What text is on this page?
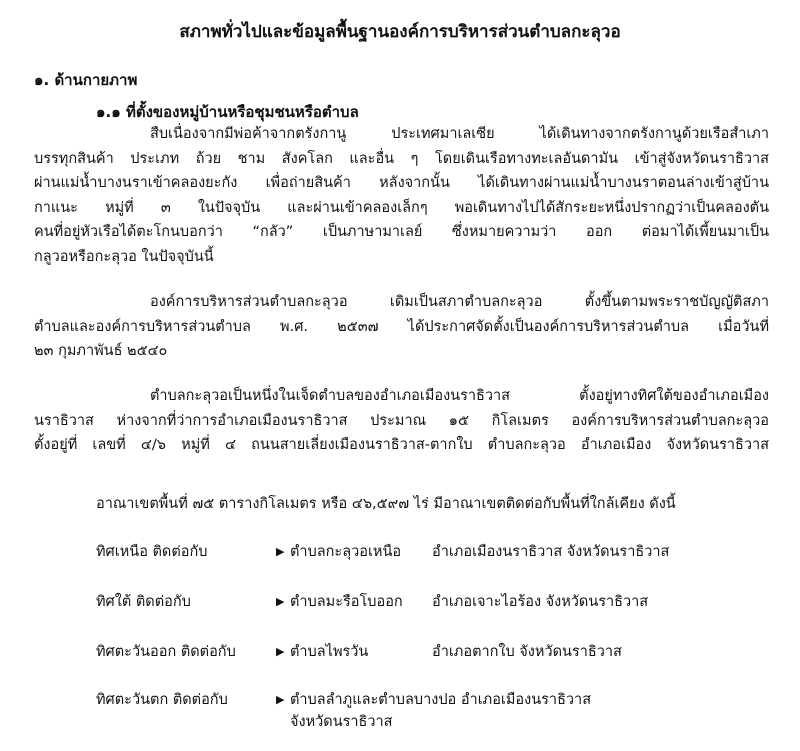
สภาพทั่วไปและข้อมูลพื้นฐานองค์การบริหารส่วนตำบลกะลุวอ
๑. ด้านกายภาพ
๑.๑ ที่ตั้งของหมู่บ้านหรือชุมชนหรือตำบล
สืบเนื่องจากมีพ่อค้าจากตรังกานู ประเทศมาเลเซีย ได้เดินทางจากตรังกานูด้วยเรือสำเภา
บรรทุกสินค้า ประเภท ถ้วย ชาม สังคโลก และอื่น ๆ โดยเดินเรือทางทะเลอันดามัน เข้าสู่จังหวัดนราธิวาส
ผ่านแม่น้ำบางนราเข้าคลองยะกัง เพื่อถ่ายสินค้า หลังจากนั้น ได้เดินทางผ่านแม่น้ำบางนราตอนล่างเข้าสู่บ้าน
กาแนะ หมู่ที่ ๓ ในปัจจุบัน และผ่านเข้าคลองเล็กๆ พอเดินทางไปได้สักระยะหนึ่งปรากฏว่าเป็นคลองตัน
คนที่อยู่หัวเรือได้ตะโกนบอกว่า “กลัว” เป็นภาษามาเลย์ ซึ่งหมายความว่า ออก ต่อมาได้เพี้ยนมาเป็น
กลูวอหรือกะลุวอ ในปัจจุบันนี้
องค์การบริหารส่วนตำบลกะลุวอ เดิมเป็นสภาตำบลกะลุวอ ตั้งขึ้นตามพระราชบัญญัติสภา
ตำบลและองค์การบริหารส่วนตำบล พ.ศ. ๒๕๓๗ ได้ประกาศจัดตั้งเป็นองค์การบริหารส่วนตำบล เมื่อวันที่
๒๓ กุมภาพันธ์ ๒๕๔๐
ตำบลกะลุวอเป็นหนึ่งในเจ็ดตำบลของอำเภอเมืองนราธิวาส ตั้งอยู่ทางทิศใต้ของอำเภอเมือง
นราธิวาส ห่างจากที่ว่าการอำเภอเมืองนราธิวาส ประมาณ ๑๕ กิโลเมตร องค์การบริหารส่วนตำบลกะลุวอ
ตั้งอยู่ที่ เลขที่ ๔/๖ หมู่ที่ ๔ ถนนสายเลี่ยงเมืองนราธิวาส-ตากใบ ตำบลกะลุวอ อำเภอเมือง จังหวัดนราธิวาส
อาณาเขตพื้นที่ ๗๕ ตารางกิโลเมตร หรือ ๔๖,๕๙๗ ไร่ มีอาณาเขตติดต่อกับพื้นที่ใกล้เคียง ดังนี้
ทิศเหนือ ติดต่อกับ	▶ ตำบลกะลุวอเหนือ อำเภอเมืองนราธิวาส จังหวัดนราธิวาส
ทิศใต้ ติดต่อกับ	▶ ตำบลมะรือโบออก อำเภอเจาะไอร้อง จังหวัดนราธิวาส
ทิศตะวันออก ติดต่อกับ	▶ ตำบลไพรวัน	อำเภอตากใบ จังหวัดนราธิวาส
ทิศตะวันตก ติดต่อกับ	▶ ตำบลลำภูและตำบลบางปอ อำเภอเมืองนราธิวาส
จังหวัดนราธิวาส
